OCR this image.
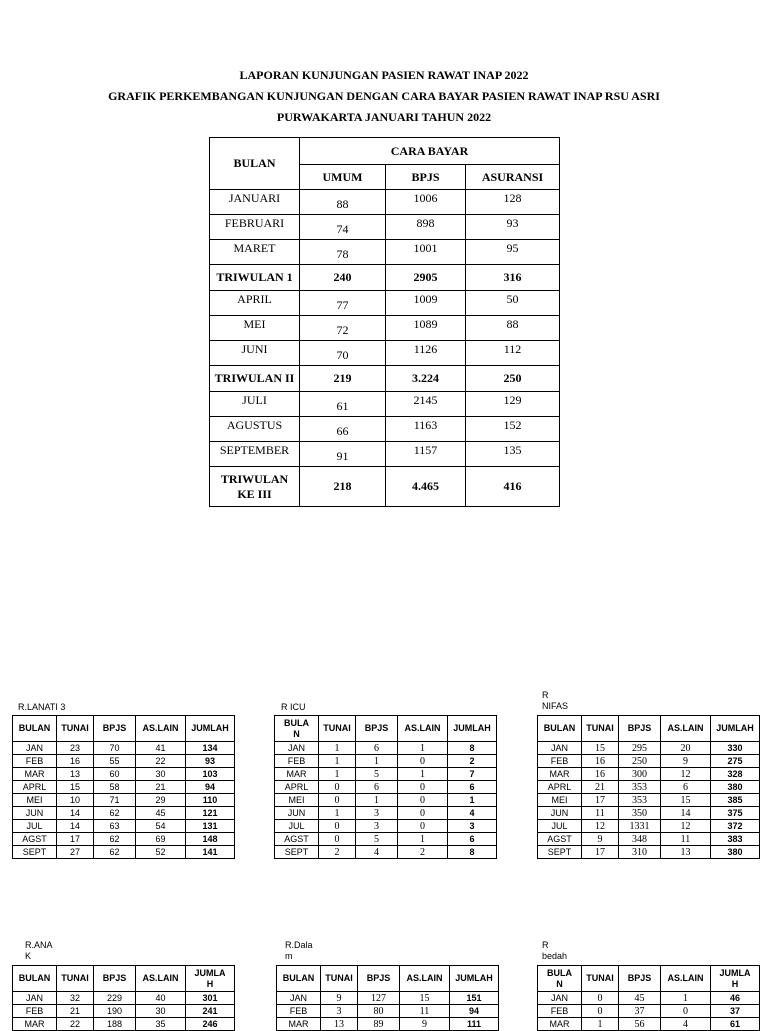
LAPORAN KUNJUNGAN PASIEN RAWAT INAP 2022
GRAFIK PERKEMBANGAN KUNJUNGAN DENGAN CARA BAYAR PASIEN RAWAT INAP RSU ASRI
PURWAKARTA JANUARI TAHUN 2022
BULAN	CARA BAYAR		
	UMUM	BPJS	ASURANSI
JANUARI	88	1006	128
FEBRUARI	74	898	93
MARET	78	1001	95
TRIWULAN 1	240	2905	316
APRIL	77	1009	50
MEI	72	1089	88
JUNI	70	1126	112
TRIWULAN II	219	3.224	250
JULI	61	2145	129
AGUSTUS	66	1163	152
SEPTEMBER	91	1157	135
TRIWULAN
KE III	218	4.465	416
R.LANATI 3
BULAN	TUNAI	BPJS	AS.LAIN	JUMLAH
JAN	23	70	41	134
FEB	16	55	22	93
MAR	13	60	30	103
APRL	15	58	21	94
MEI	10	71	29	110
JUN	14	62	45	121
JUL	14	63	54	131
AGST	17	62	69	148
SEPT	27	62	52	141
R ICU
BULA
N	TUNAI	BPJS	AS.LAIN	JUMLAH
JAN	1	6	1	8
FEB	1	1	0	2
MAR	1	5	1	7
APRL	0	6	0	6
MEI	0	1	0	1
JUN	1	3	0	4
JUL	0	3	0	3
AGST	0	5	1	6
SEPT	2	4	2	8
R
NIFAS
BULAN	TUNAI	BPJS	AS.LAIN	JUMLAH
JAN	15	295	20	330
FEB	16	250	9	275
MAR	16	300	12	328
APRL	21	353	6	380
MEI	17	353	15	385
JUN	11	350	14	375
JUL	12	1331	12	372
AGST	9	348	11	383
SEPT	17	310	13	380
R.ANA
K
BULAN	TUNAI	BPJS	AS.LAIN	JUMLA
H
JAN	32	229	40	301
FEB	21	190	30	241
MAR	22	188	35	246
R.Dala
m
BULAN	TUNAI	BPJS	AS.LAIN	JUMLAH
JAN	9	127	15	151
FEB	3	80	11	94
MAR	13	89	9	111
R
bedah
BULA
N	TUNAI	BPJS	AS.LAIN	JUMLA
H
JAN	0	45	1	46
FEB	0	37	0	37
MAR	1	56	4	61
